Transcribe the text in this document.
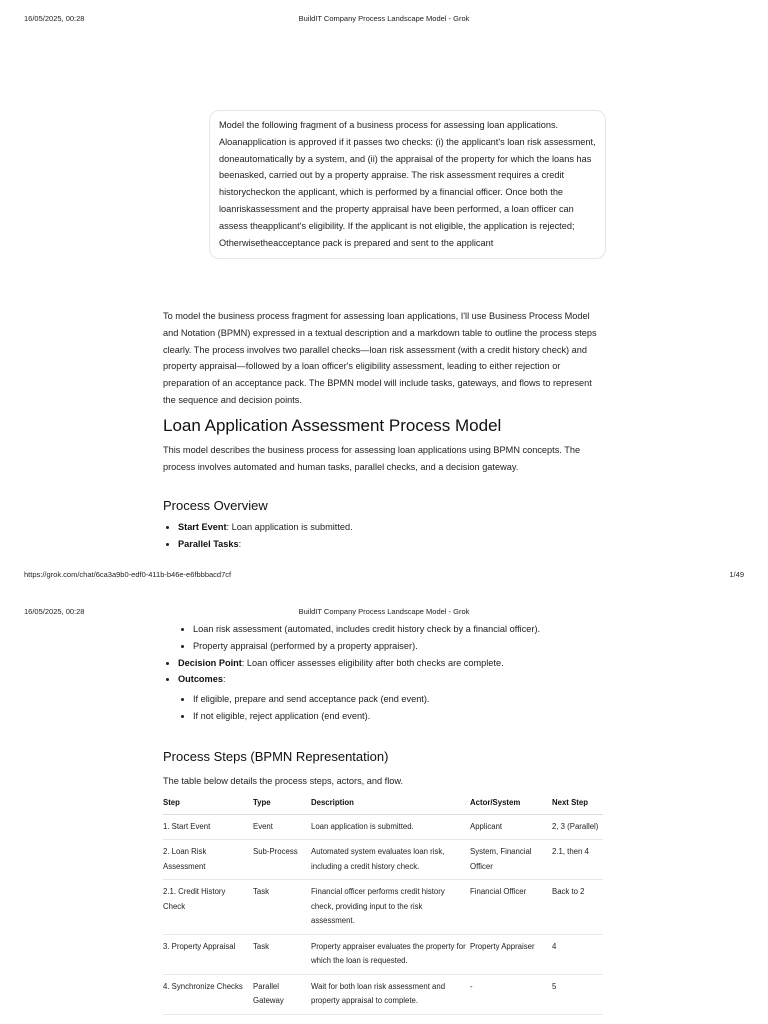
16/05/2025, 00:28	BuildIT Company Process Landscape Model - Grok
Model the following fragment of a business process for assessing loan applications. Aloanapplication is approved if it passes two checks: (i) the applicant's loan risk assessment, doneautomatically by a system, and (ii) the appraisal of the property for which the loans has beenasked, carried out by a property appraise. The risk assessment requires a credit historycheckon the applicant, which is performed by a financial officer. Once both the loanriskassessment and the property appraisal have been performed, a loan officer can assess theapplicant's eligibility. If the applicant is not eligible, the application is rejected; Otherwisetheacceptance pack is prepared and sent to the applicant

To model the business process fragment for assessing loan applications, I'll use Business Process Model and Notation (BPMN) expressed in a textual description and a markdown table to outline the process steps clearly. The process involves two parallel checks—loan risk assessment (with a credit history check) and property appraisal—followed by a loan officer's eligibility assessment, leading to either rejection or preparation of an acceptance pack. The BPMN model will include tasks, gateways, and flows to represent the sequence and decision points.

Loan Application Assessment Process Model

This model describes the business process for assessing loan applications using BPMN concepts. The process involves automated and human tasks, parallel checks, and a decision gateway.

Process Overview
• Start Event: Loan application is submitted.
• Parallel Tasks:
https://grok.com/chat/6ca3a9b0-edf0-411b-b46e-e6fbbbacd7cf	1/49
16/05/2025, 00:28	BuildIT Company Process Landscape Model - Grok
• Loan risk assessment (automated, includes credit history check by a financial officer).
• Property appraisal (performed by a property appraiser).
• Decision Point: Loan officer assesses eligibility after both checks are complete.
• Outcomes:
• If eligible, prepare and send acceptance pack (end event).
• If not eligible, reject application (end event).
Process Steps (BPMN Representation)

The table below details the process steps, actors, and flow.

Step	Type	Description	Actor/System	Next Step
1. Start Event	Event	Loan application is submitted.	Applicant	2, 3 (Parallel)
2. Loan Risk Assessment	Sub-Process	Automated system evaluates loan risk, including a credit history check.	System, Financial Officer	2.1, then 4
2.1. Credit History Check	Task	Financial officer performs credit history check, providing input to the risk assessment.	Financial Officer	Back to 2
3. Property Appraisal	Task	Property appraiser evaluates the property for which the loan is requested.	Property Appraiser	4
4. Synchronize Checks	Parallel Gateway	Wait for both loan risk assessment and property appraisal to complete.	-	5
